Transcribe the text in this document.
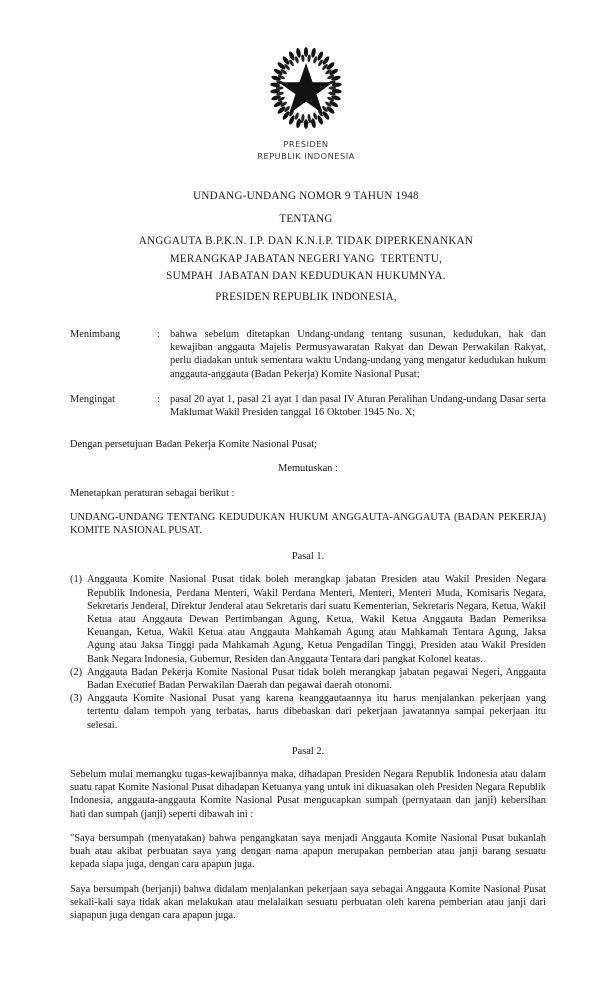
PRESIDEN
REPUBLIK INDONESIA
UNDANG-UNDANG NOMOR 9 TAHUN 1948
TENTANG
ANGGAUTA B.P.K.N. I.P. DAN K.N.I.P. TIDAK DIPERKENANKAN
MERANGKAP JABATAN NEGERI YANG  TERTENTU,
SUMPAH  JABATAN DAN KEDUDUKAN HUKUMNYA.
PRESIDEN REPUBLIK INDONESIA,
Menimbang	: bahwa sebelum ditetapkan Undang-undang tentang susunan, kedudukan, hak dan kewajiban anggauta Majelis Permusyawaratan Rakyat dan Dewan Perwakilan Rakyat, perlu diadakan untuk sementara waktu Undang-undang yang mengatur kedudukan hukum anggauta-anggauta (Badan Pekerja) Komite Nasional Pusat;
Mengingat	: pasal 20 ayat 1, pasal 21 ayat 1 dan pasal IV Aturan Peralihan Undang-undang Dasar serta Maklumat Wakil Presiden tanggal 16 Oktober 1945 No. X;

Dengan persetujuan Badan Pekerja Komite Nasional Pusat;

Memutuskan :

Menetapkan peraturan sebagai berikut :

UNDANG-UNDANG TENTANG KEDUDUKAN HUKUM ANGGAUTA-ANGGAUTA (BADAN PEKERJA) KOMITE NASIONAL PUSAT.

Pasal 1.
(1) Anggauta Komite Nasional Pusat tidak boleh merangkap jabatan Presiden atau Wakil Presiden Negara Republik Indonesia, Perdana Menteri, Wakil Perdana Menteri, Menteri, Menteri Muda, Komisaris Negara, Sekretaris Jenderal, Direktur Jenderal atau Sekretaris dari suatu Kementerian, Sekretaris Negara, Ketua, Wakil Ketua atau Anggauta Dewan Pertimbangan Agung, Ketua, Wakil Ketua Anggauta Badan Pemeriksa Keuangan, Ketua, Wakil Ketua atau Anggauta Mahkamah Agung atau Mahkamah Tentara Agung, Jaksa Agung atau Jaksa Tinggi pada Mahkamah Agung, Ketua Pengadilan Tinggi, Presiden atau Wakil Presiden Bank Negara Indonesia, Gubernur, Residen dan Anggauta Tentara dari pangkat Kolonel keatas.
(2) Anggauta Badan Pekerja Komite Nasional Pusat tidak boleh merangkap jabatan pegawai Negeri, Anggauta Badan Executief Badan Perwakilan Daerah dan pegawai daerah otonomi.
(3) Anggauta Komite Nasional Pusat yang karena keanggautaannya itu harus menjalankan pekerjaan yang tertentu dalam tempoh yang terbatas, harus dibebaskan dari pekerjaan jawatannya sampai pekerjaan itu selesai.
Pasal 2.

Sebelum mulai memangku tugas-kewajibannya maka, dihadapan Presiden Negara Republik Indonesia atau dalam suatu rapat Komite Nasional Pusat dihadapan Ketuanya yang untuk ini dikuasakan oleh Presiden Negara Republik Indonesia, anggauta-anggauta Komite Nasional Pusat mengucapkan sumpah (pernyataan dan janji) kebersihan hati dan sumpah (janji) seperti dibawah ini :

"Saya bersumpah (menyatakan) bahwa pengangkatan saya menjadi Anggauta Komite Nasional Pusat bukanlah buah atau akibat perbuatan saya yang dengan nama apapun merupakan pemberian atau janji barang sesuatu kepada siapa juga, dengan cara apapun juga.

Saya bersumpah (berjanji) bahwa didalam menjalankan pekerjaan saya sebagai Anggauta Komite Nasional Pusat sekali-kali saya tidak akan melakukan atau melalaikan sesuatu perbuatan oleh karena pemberian atau janji dari siapapun juga dengan cara apapun juga.
